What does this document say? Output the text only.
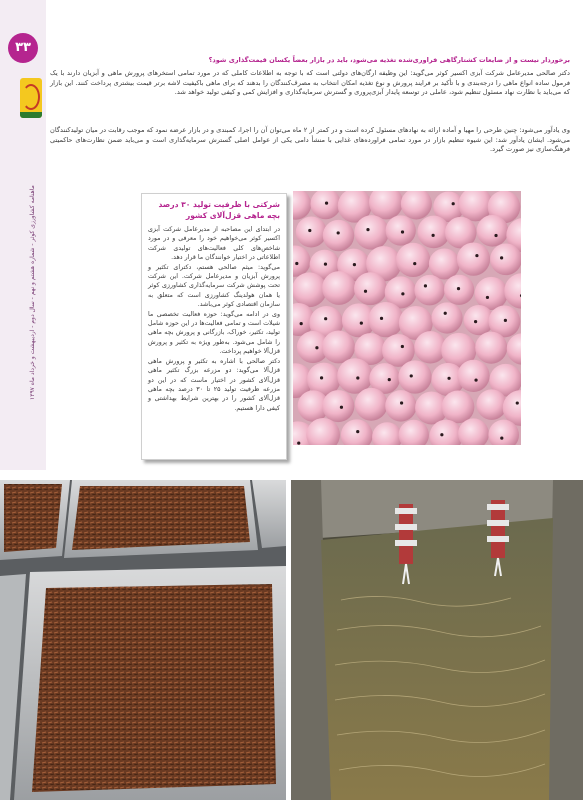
۳۳
ماهنامه کشاورزی کوثر - شماره هشتم و نهم - سال دوم - اردیبهشت و خرداد ماه ۱۳۹۷
برخوردار نیست و از ضایعات کشتارگاهی فراوری‌شده تغذیه می‌شود، باید در بازار بعضاً یکسان قیمت‌گذاری شود؟

دکتر صالحی مدیرعامل شرکت آبزی اکسیر کوثر می‌گوید: این وظیفه ارگان‌های دولتی است که با توجه به اطلاعات کاملی که در مورد تمامی استخرهای پرورش ماهی و آبزیان دارند با یک فرمول ساده انواع ماهی را درجه‌بندی و با تأکید بر فرایند پرورش و نوع تغذیه امکان انتخاب به مصرف‌کنندگان را بدهند که برای ماهی باکیفیت لاشه برتر قیمت بیشتری پرداخت کنند. این بازار که می‌باید با نظارت نهاد مسئول تنظیم شود، عاملی در توسعه پایدار آبزی‌پروری و گسترش سرمایه‌گذاری و افزایش کمی و کیفی تولید خواهد شد.

وی یادآور می‌شود: چنین طرحی را مهیا و آماده ارائه به نهادهای مسئول کرده است و در کمتر از ۲ ماه می‌توان آن را اجرا، کمبندی و در بازار عرضه نمود که موجب رقابت در میان تولیدکنندگان می‌شود. ایشان یادآور شد: این شیوه تنظیم بازار در مورد تمامی فراورده‌های غذایی با منشأ دامی یکی از عوامل اصلی گسترش سرمایه‌گذاری است و می‌باید ضمن نظارت‌های حاکمیتی فرهنگ‌سازی نیز صورت گیرد.

شرکتی با ظرفیت تولید ۳۰ درصد بچه ماهی قزل‌آلای کشور

در ابتدای این مصاحبه از مدیرعامل شرکت آبزی اکسیر کوثر می‌خواهیم خود را معرفی و در مورد شاخص‌های کلی فعالیت‌های تولیدی شرکت اطلاعاتی در اختیار خوانندگان ما قرار دهد.

می‌گوید: میثم صالحی هستم، دکترای تکثیر و پرورش آبزیان و مدیرعامل شرکت. این شرکت تحت پوشش شرکت سرمایه‌گذاری کشاورزی کوثر یا همان هولدینگ کشاورزی است که متعلق به سازمان اقتصادی کوثر می‌باشد.

وی در ادامه می‌گوید: حوزه فعالیت تخصصی ما شیلات است و تمامی فعالیت‌ها در این حوزه شامل تولید، تکثیر، خوراک، بازرگانی و پرورش بچه ماهی را شامل می‌شود. به‌طور ویژه به تکثیر و پرورش قزل‌آلا خواهیم پرداخت.

دکتر صالحی با اشاره به تکثیر و پرورش ماهی قزل‌آلا می‌گوید: دو مزرعه بزرگ تکثیر ماهی قزل‌آلای کشور در اختیار ماست که در این دو مزرعه ظرفیت تولید ۲۵ تا ۳۰ درصد بچه ماهی قزل‌آلای کشور را در بهترین شرایط بهداشتی و کیفی دارا هستیم.
